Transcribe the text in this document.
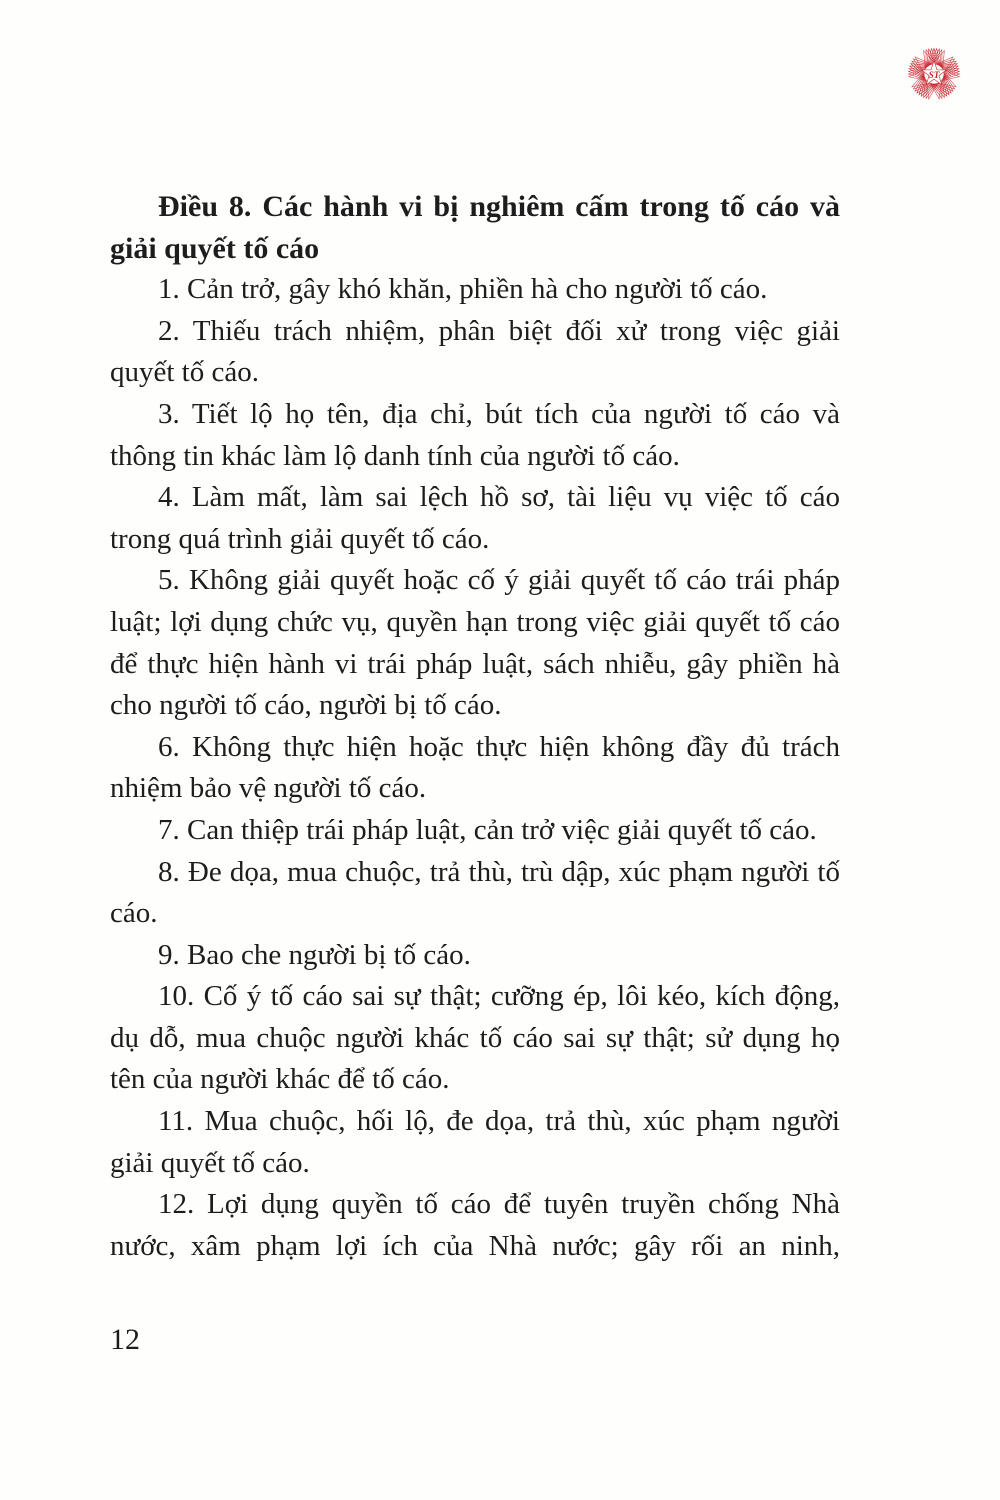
ST
Điều 8. Các hành vi bị nghiêm cấm trong tố cáo và giải quyết tố cáo

1. Cản trở, gây khó khăn, phiền hà cho người tố cáo.

2. Thiếu trách nhiệm, phân biệt đối xử trong việc giải quyết tố cáo.

3. Tiết lộ họ tên, địa chỉ, bút tích của người tố cáo và thông tin khác làm lộ danh tính của người tố cáo.

4. Làm mất, làm sai lệch hồ sơ, tài liệu vụ việc tố cáo trong quá trình giải quyết tố cáo.

5. Không giải quyết hoặc cố ý giải quyết tố cáo trái pháp luật; lợi dụng chức vụ, quyền hạn trong việc giải quyết tố cáo để thực hiện hành vi trái pháp luật, sách nhiễu, gây phiền hà cho người tố cáo, người bị tố cáo.

6. Không thực hiện hoặc thực hiện không đầy đủ trách nhiệm bảo vệ người tố cáo.

7. Can thiệp trái pháp luật, cản trở việc giải quyết tố cáo.

8. Đe dọa, mua chuộc, trả thù, trù dập, xúc phạm người tố cáo.

9. Bao che người bị tố cáo.

10. Cố ý tố cáo sai sự thật; cưỡng ép, lôi kéo, kích động, dụ dỗ, mua chuộc người khác tố cáo sai sự thật; sử dụng họ tên của người khác để tố cáo.

11. Mua chuộc, hối lộ, đe dọa, trả thù, xúc phạm người giải quyết tố cáo.

12. Lợi dụng quyền tố cáo để tuyên truyền chống Nhà nước, xâm phạm lợi ích của Nhà nước; gây rối an ninh,

12
